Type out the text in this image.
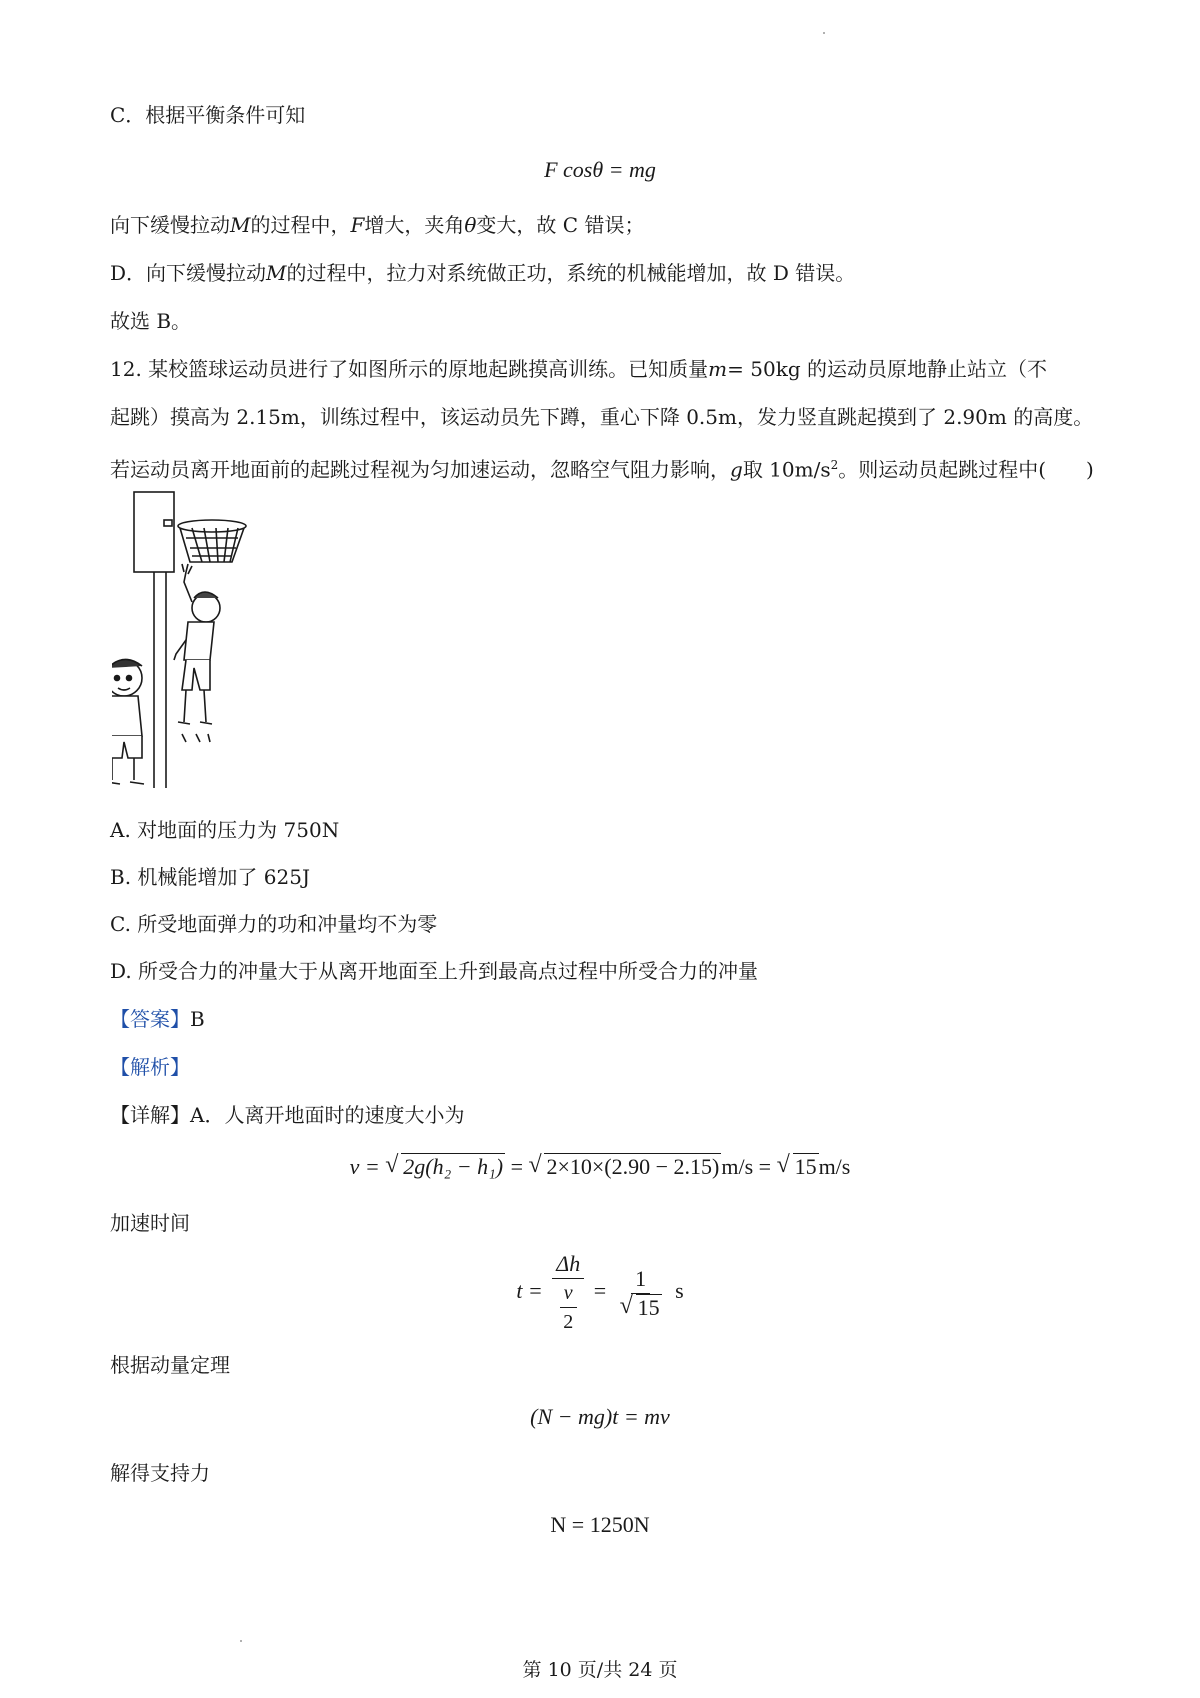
C．根据平衡条件可知
F cosθ = mg
向下缓慢拉动M的过程中，F增大，夹角θ变大，故 C 错误；
D．向下缓慢拉动M的过程中，拉力对系统做正功，系统的机械能增加，故 D 错误。
故选 B。
12. 某校篮球运动员进行了如图所示的原地起跳摸高训练。已知质量m= 50kg 的运动员原地静止站立（不
起跳）摸高为 2.15m，训练过程中，该运动员先下蹲，重心下降 0.5m，发力竖直跳起摸到了 2.90m 的高度。
若运动员离开地面前的起跳过程视为匀加速运动，忽略空气阻力影响，g取 $10m/s^2$。则运动员起跳过程中(　　)
A. 对地面的压力为 750N
B. 机械能增加了 625J
C. 所受地面弹力的功和冲量均不为零
D. 所受合力的冲量大于从离开地面至上升到最高点过程中所受合力的冲量
【答案】B
【解析】
【详解】A．人离开地面时的速度大小为
v = √ 2g(h₂ − h₁) = √ 2×10×(2.90 − 2.15)m/s = √ 15m/s
加速时间
$t = \frac{\Delta h}{\frac{v}{2}} = 1$
√ 15 s
根据动量定理
(N − mg)t = mv
解得支持力
N = 1250N
第 10 页/共 24 页
